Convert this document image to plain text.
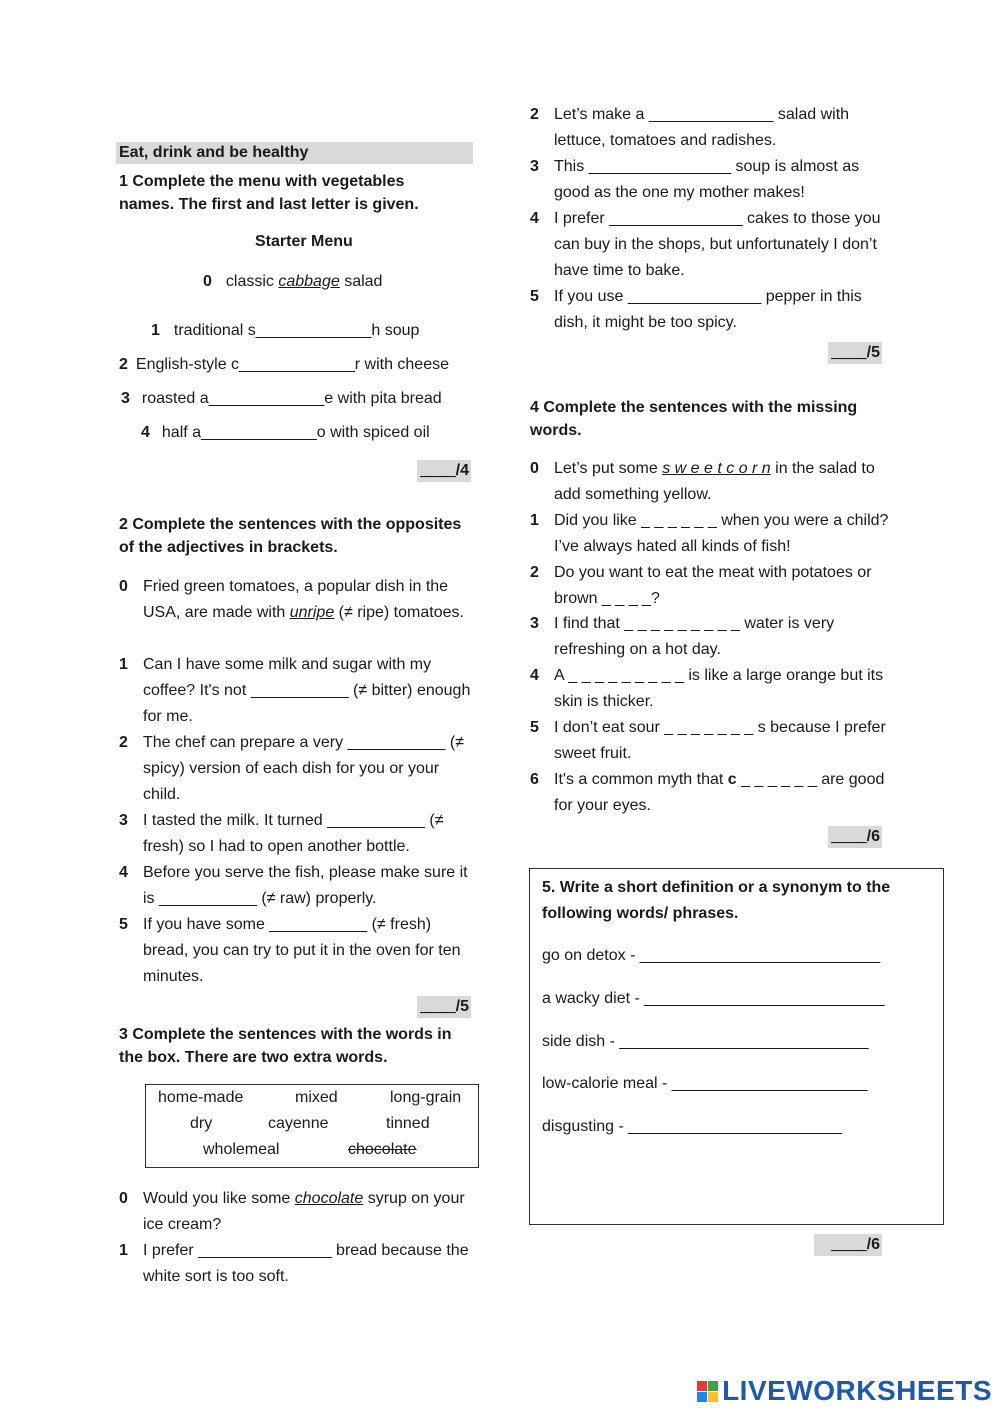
Eat, drink and be healthy
1 Complete the menu with vegetables names. The first and last letter is given.
Starter Menu
0 classic cabbage salad
1 traditional s_____________h soup
2 English-style c_____________r with cheese
3 roasted a_____________e with pita bread
4 half a_____________o with spiced oil
____/4
2 Complete the sentences with the opposites of the adjectives in brackets.
0 Fried green tomatoes, a popular dish in the USA, are made with unripe (≠ ripe) tomatoes.
1 Can I have some milk and sugar with my coffee? It's not ___________ (≠ bitter) enough for me.
2 The chef can prepare a very ___________ (≠ spicy) version of each dish for you or your child.
3 I tasted the milk. It turned ___________ (≠ fresh) so I had to open another bottle.
4 Before you serve the fish, please make sure it is ___________ (≠ raw) properly.
5 If you have some ___________ (≠ fresh) bread, you can try to put it in the oven for ten minutes.
____/5
3 Complete the sentences with the words in the box. There are two extra words.
home-made	mixed	long-grain
dry	cayenne	tinned
wholemeal	chocolate
0 Would you like some chocolate syrup on your ice cream?
1 I prefer _______________ bread because the white sort is too soft.
2 Let’s make a ______________ salad with lettuce, tomatoes and radishes.
3 This ________________ soup is almost as good as the one my mother makes!
4 I prefer _______________ cakes to those you can buy in the shops, but unfortunately I don’t have time to bake.
5 If you use _______________ pepper in this dish, it might be too spicy.
____/5
4 Complete the sentences with the missing words.
0 Let’s put some s w e e t c o r n in the salad to add something yellow.
1 Did you like _ _ _ _ _ _ when you were a child? I’ve always hated all kinds of fish!
2 Do you want to eat the meat with potatoes or brown _ _ _ _?
3 I find that _ _ _ _ _ _ _ _ _ water is very refreshing on a hot day.
4 A _ _ _ _ _ _ _ _ _ is like a large orange but its skin is thicker.
5 I don’t eat sour _ _ _ _ _ _ _ s because I prefer sweet fruit.
6 It's a common myth that c _ _ _ _ _ _ are good for your eyes.
____/6
5. Write a short definition or a synonym to the following words/ phrases.
go on detox - ___________________________
a wacky diet - ___________________________
side dish - ____________________________
low-calorie meal - ______________________
disgusting - ________________________
____/6
LIVEWORKSHEETS
